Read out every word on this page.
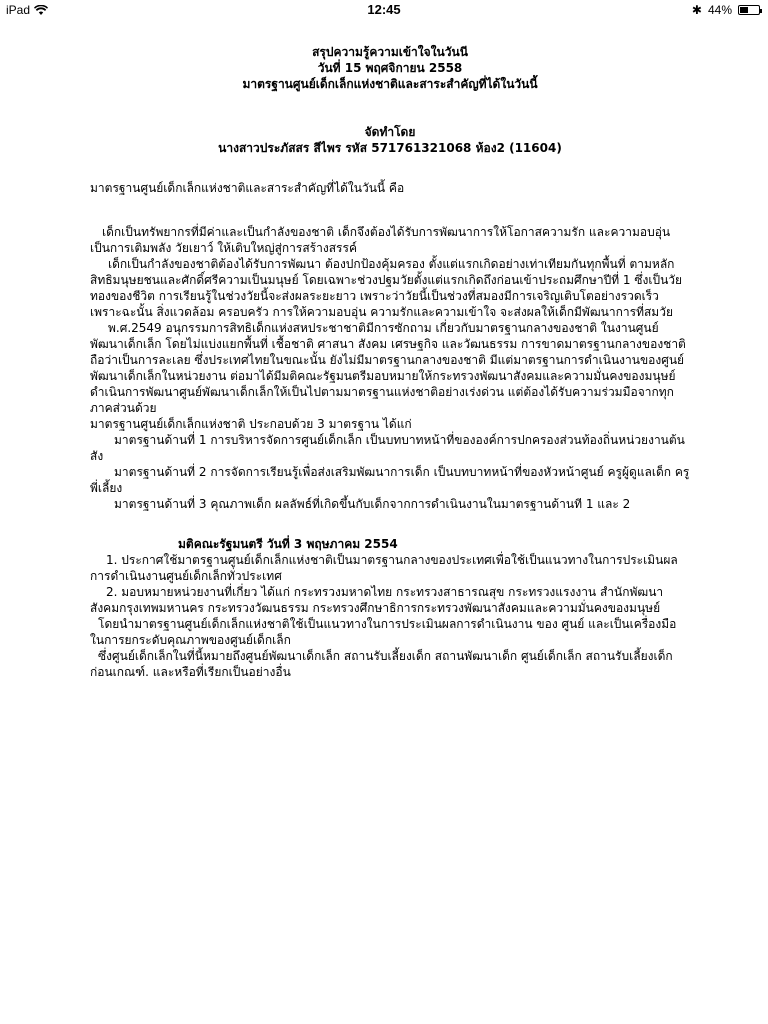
iPad	12:45	✱ 44%
สรุปความรู้ความเข้าใจในวันนี
วันที่ 15 พฤศจิกายน 2558
มาตรฐานศูนย์เด็กเล็กแห่งชาติและสาระสำคัญที่ได้ในวันนี้
จัดทำโดย
นางสาวประภัสสร สีไพร รหัส 571761321068 ห้อง2 (11604)

มาตรฐานศูนย์เด็กเล็กแห่งชาติและสาระสำคัญที่ได้ในวันนี้ คือ

เด็กเป็นทรัพยากรที่มีค่าและเป็นกำลังของชาติ เด็กจึงต้องได้รับการพัฒนาการให้โอกาสความรัก และความอบอุ่น เป็นการเติมพลัง วัยเยาว์ ให้เติบใหญ่สู่การสร้างสรรค์

เด็กเป็นกำลังของชาติต้องได้รับการพัฒนา ต้องปกป้องคุ้มครอง ตั้งแต่แรกเกิดอย่างเท่าเทียมกันทุกพื้นที่ ตามหลักสิทธิมนุษยชนและศักดิ์ศรีความเป็นมนุษย์ โดยเฉพาะช่วงปฐมวัยตั้งแต่แรกเกิดถึงก่อนเข้าประถมศึกษาปีที่ 1 ซึ่งเป็นวัยทองของชีวิต การเรียนรู้ในช่วงวัยนี้จะส่งผลระยะยาว เพราะว่าวัยนี้เป็นช่วงที่สมองมีการเจริญเติบโตอย่างรวดเร็ว เพราะฉะนั้น สิ่งแวดล้อม ครอบครัว การให้ความอบอุ่น ความรักและความเข้าใจ จะส่งผลให้เด็กมีพัฒนาการที่สมวัย

พ.ศ.2549 อนุกรรมการสิทธิเด็กแห่งสหประชาชาติมีการซักถาม เกี่ยวกับมาตรฐานกลางของชาติ ในงานศูนย์พัฒนาเด็กเล็ก โดยไม่แบ่งแยกพื้นที่ เชื้อชาติ ศาสนา สังคม เศรษฐกิจ และวัฒนธรรม การขาดมาตรฐานกลางของชาติถือว่าเป็นการละเลย ซึ่งประเทศไทยในขณะนั้น ยังไม่มีมาตรฐานกลางของชาติ มีแต่มาตรฐานการดำเนินงานของศูนย์พัฒนาเด็กเล็กในหน่วยงาน ต่อมาได้มีมติคณะรัฐมนตรีมอบหมายให้กระทรวงพัฒนาสังคมและความมั่นคงของมนุษย์ ดำเนินการพัฒนาศูนย์พัฒนาเด็กเล็กให้เป็นไปตามมาตรฐานแห่งชาติอย่างเร่งด่วน แต่ต้องได้รับความร่วมมือจากทุกภาคส่วนด้วย

มาตรฐานศูนย์เด็กเล็กแห่งชาติ ประกอบด้วย 3 มาตรฐาน ได้แก่

มาตรฐานด้านที่ 1 การบริหารจัดการศูนย์เด็กเล็ก เป็นบทบาทหน้าที่ขององค์การปกครองส่วนท้องถิ่นหน่วยงานต้นสัง

มาตรฐานด้านที่ 2 การจัดการเรียนรู้เพื่อส่งเสริมพัฒนาการเด็ก เป็นบทบาทหน้าที่ของหัวหน้าศูนย์ ครูผู้ดูแลเด็ก ครูพี่เลี้ยง

มาตรฐานด้านที่ 3 คุณภาพเด็ก ผลลัพธ์ที่เกิดขึ้นกับเด็กจากการดำเนินงานในมาตรฐานด้านที 1 และ 2

มติคณะรัฐมนตรี วันที่ 3 พฤษภาคม 2554

1. ประกาศใช้มาตรฐานศูนย์เด็กเล็กแห่งชาติเป็นมาตรฐานกลางของประเทศเพื่อใช้เป็นแนวทางในการประเมินผลการดำเนินงานศูนย์เด็กเล็กทั่วประเทศ

2. มอบหมายหน่วยงานที่เกี่ยว ได้แก่ กระทรวงมหาดไทย กระทรวงสาธารณสุข กระทรวงแรงงาน สำนักพัฒนาสังคมกรุงเทพมหานคร กระทรวงวัฒนธรรม กระทรวงศึกษาธิการกระทรวงพัฒนาสังคมและความมั่นคงของมนุษย์

โดยนำมาตรฐานศูนย์เด็กเล็กแห่งชาติใช้เป็นแนวทางในการประเมินผลการดำเนินงาน ของ ศูนย์ และเป็นเครื่องมือในการยกระดับคุณภาพของศูนย์เด็กเล็ก

ซึ่งศูนย์เด็กเล็กในที่นี้หมายถึงศูนย์พัฒนาเด็กเล็ก สถานรับเลี้ยงเด็ก สถานพัฒนาเด็ก ศูนย์เด็กเล็ก สถานรับเลี้ยงเด็กก่อนเกณฑ์. และหรือที่เรียกเป็นอย่างอื่น
